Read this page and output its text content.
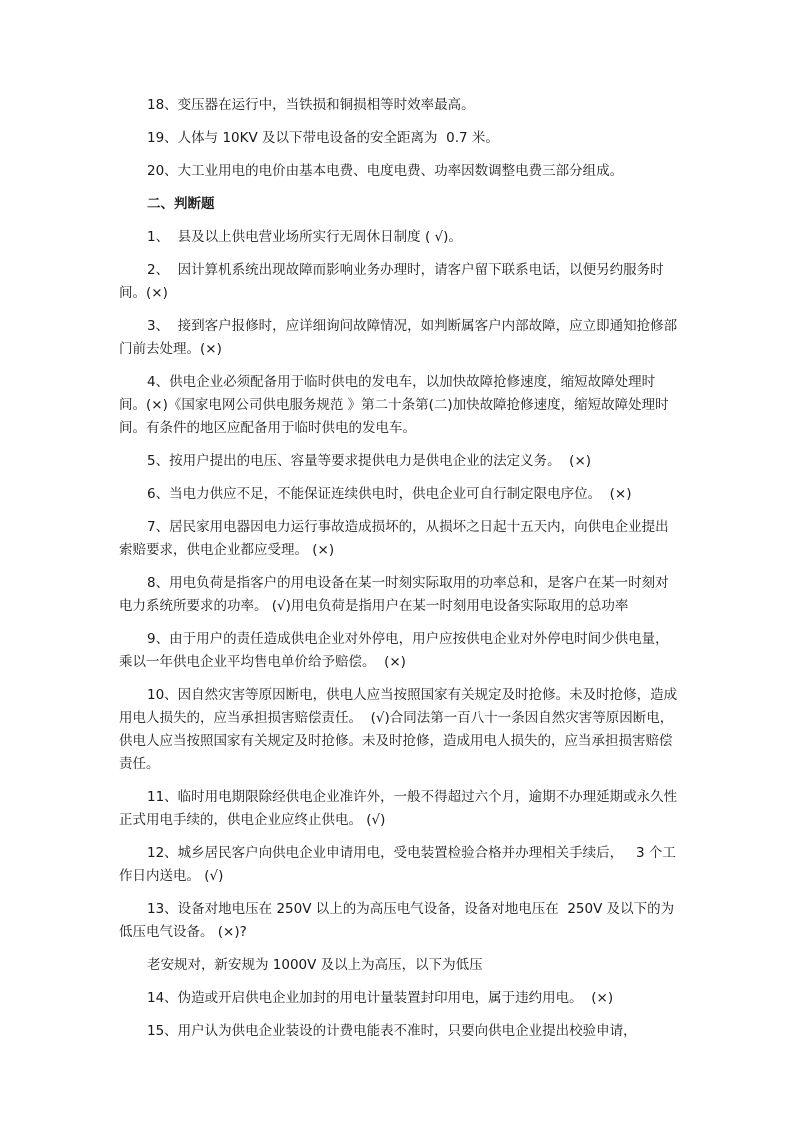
18、变压器在运行中，当铁损和铜损相等时效率最高。

19、人体与 10KV 及以下带电设备的安全距离为  0.7 米。

20、大工业用电的电价由基本电费、电度电费、功率因数调整电费三部分组成。

二、判断题

1、  县及以上供电营业场所实行无周休日制度 ( √)。

2、  因计算机系统出现故障而影响业务办理时，请客户留下联系电话，以便另约服务时间。(×)

3、  接到客户报修时，应详细询问故障情况，如判断属客户内部故障，应立即通知抢修部门前去处理。(×)

4、供电企业必须配备用于临时供电的发电车，以加快故障抢修速度，缩短故障处理时间。(×)《国家电网公司供电服务规范 》第二十条第(二)加快故障抢修速度，缩短故障处理时间。有条件的地区应配备用于临时供电的发电车。

5、按用户提出的电压、容量等要求提供电力是供电企业的法定义务。  (×)

6、当电力供应不足，不能保证连续供电时，供电企业可自行制定限电序位。  (×)

7、居民家用电器因电力运行事故造成损坏的，从损坏之日起十五天内，向供电企业提出索赔要求，供电企业都应受理。 (×)

8、用电负荷是指客户的用电设备在某一时刻实际取用的功率总和，是客户在某一时刻对电力系统所要求的功率。 (√)用电负荷是指用户在某一时刻用电设备实际取用的总功率

9、由于用户的责任造成供电企业对外停电，用户应按供电企业对外停电时间少供电量，乘以一年供电企业平均售电单价给予赔偿。  (×)

10、因自然灾害等原因断电，供电人应当按照国家有关规定及时抢修。未及时抢修，造成用电人损失的，应当承担损害赔偿责任。  (√)合同法第一百八十一条因自然灾害等原因断电，供电人应当按照国家有关规定及时抢修。未及时抢修，造成用电人损失的，应当承担损害赔偿责任。

11、临时用电期限除经供电企业准许外，一般不得超过六个月，逾期不办理延期或永久性正式用电手续的，供电企业应终止供电。 (√)

12、城乡居民客户向供电企业申请用电，受电装置检验合格并办理相关手续后，   3 个工作日内送电。 (√)

13、设备对地电压在 250V 以上的为高压电气设备，设备对地电压在  250V 及以下的为低压电气设备。 (×)?

老安规对，新安规为 1000V 及以上为高压，以下为低压

14、伪造或开启供电企业加封的用电计量装置封印用电，属于违约用电。  (×)

15、用户认为供电企业装设的计费电能表不准时，只要向供电企业提出校验申请，
